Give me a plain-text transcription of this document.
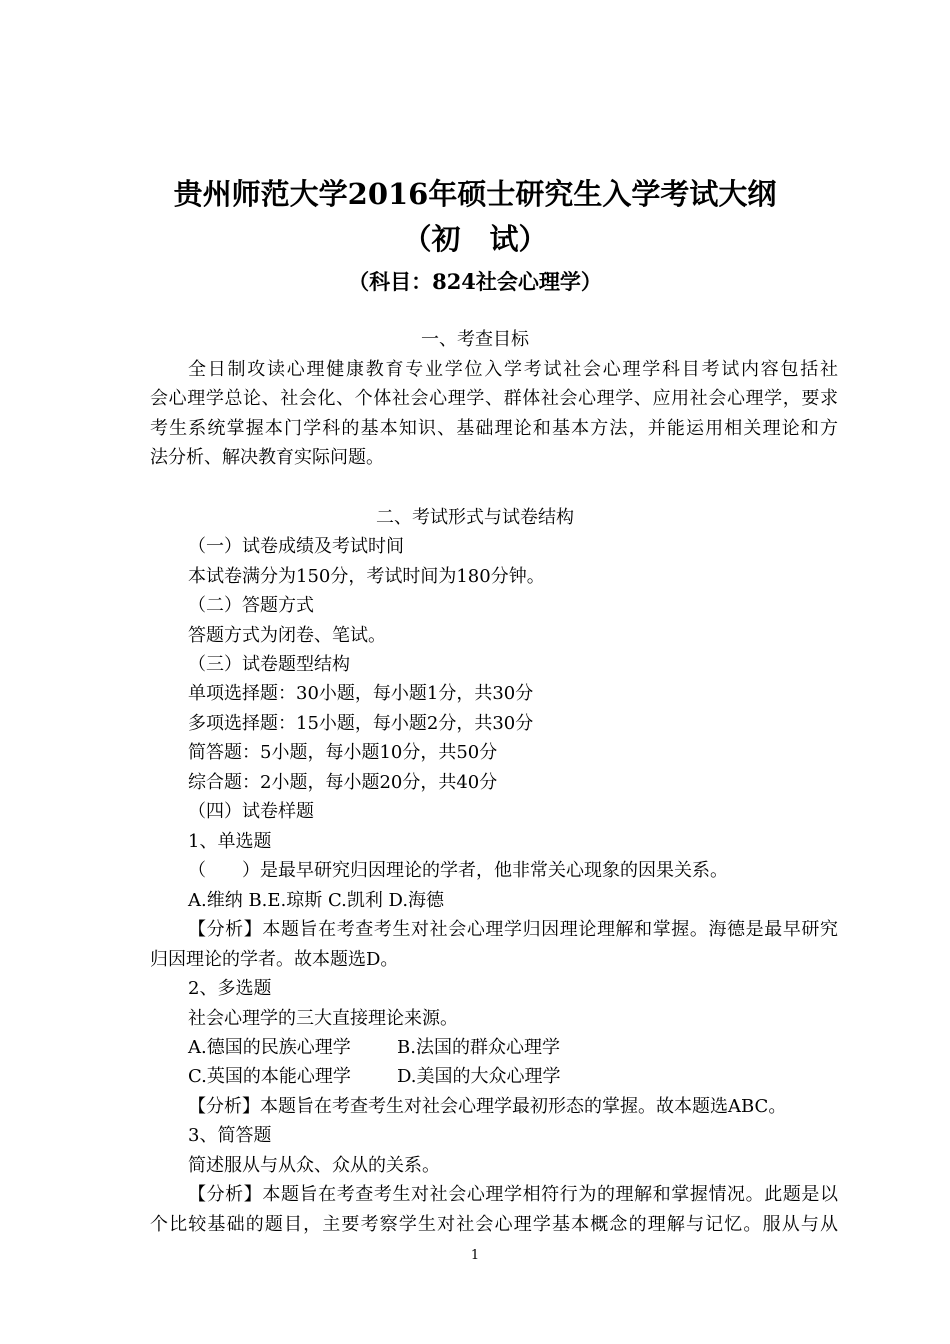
贵州师范大学2016年硕士研究生入学考试大纲
（初　试）
（科目：824社会心理学）
一、考查目标
全日制攻读心理健康教育专业学位入学考试社会心理学科目考试内容包括社
会心理学总论、社会化、个体社会心理学、群体社会心理学、应用社会心理学，要求
考生系统掌握本门学科的基本知识、基础理论和基本方法，并能运用相关理论和方
法分析、解决教育实际问题。
二、考试形式与试卷结构
（一）试卷成绩及考试时间
本试卷满分为150分，考试时间为180分钟。
（二）答题方式
答题方式为闭卷、笔试。
（三）试卷题型结构
单项选择题：30小题，每小题1分，共30分
多项选择题：15小题，每小题2分，共30分
简答题：5小题，每小题10分，共50分
综合题：2小题，每小题20分，共40分
（四）试卷样题
1、单选题
（　　）是最早研究归因理论的学者，他非常关心现象的因果关系。
A.维纳 B.E.琼斯 C.凯利 D.海德
【分析】本题旨在考查考生对社会心理学归因理论理解和掌握。海德是最早研究
归因理论的学者。故本题选D。
2、多选题
社会心理学的三大直接理论来源。
A.德国的民族心理学	B.法国的群众心理学
C.英国的本能心理学	D.美国的大众心理学
【分析】本题旨在考查考生对社会心理学最初形态的掌握。故本题选ABC。
3、简答题
简述服从与从众、众从的关系。
【分析】本题旨在考查考生对社会心理学相符行为的理解和掌握情况。此题是以
个比较基础的题目，主要考察学生对社会心理学基本概念的理解与记忆。服从与从
1
